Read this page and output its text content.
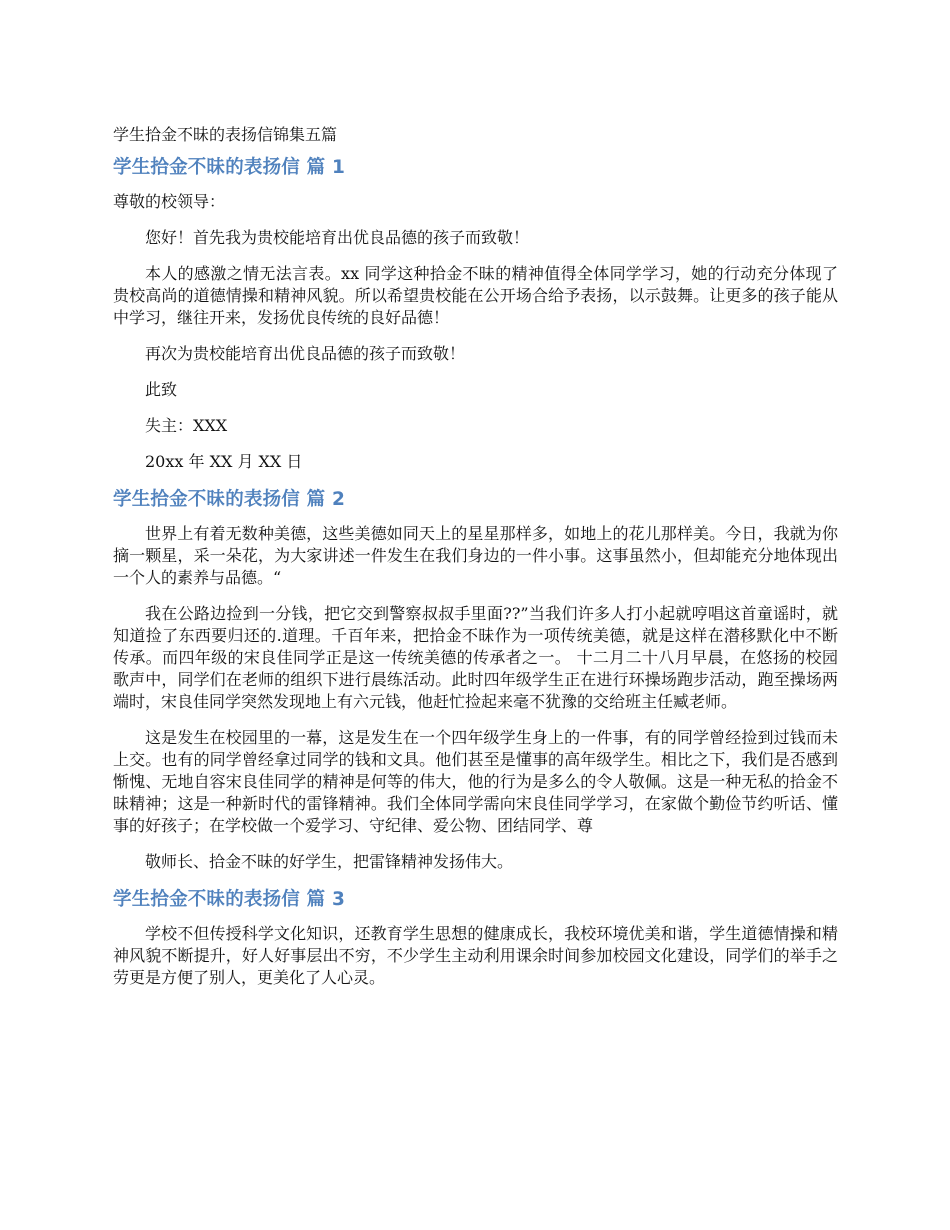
学生拾金不昧的表扬信锦集五篇
学生拾金不昧的表扬信 篇 1

尊敬的校领导：

您好！首先我为贵校能培育出优良品德的孩子而致敬！

本人的感激之情无法言表。xx 同学这种拾金不昧的精神值得全体同学学习，她的行动充分体现了贵校高尚的道德情操和精神风貌。所以希望贵校能在公开场合给予表扬，以示鼓舞。让更多的孩子能从中学习，继往开来，发扬优良传统的良好品德！

再次为贵校能培育出优良品德的孩子而致敬！

此致

失主：XXX

20xx 年 XX 月 XX 日

学生拾金不昧的表扬信 篇 2

世界上有着无数种美德，这些美德如同天上的星星那样多，如地上的花儿那样美。今日，我就为你摘一颗星，采一朵花，为大家讲述一件发生在我们身边的一件小事。这事虽然小，但却能充分地体现出一个人的素养与品德。“

我在公路边捡到一分钱，把它交到警察叔叔手里面??”当我们许多人打小起就哼唱这首童谣时，就知道捡了东西要归还的.道理。千百年来，把拾金不昧作为一项传统美德，就是这样在潜移默化中不断传承。而四年级的宋良佳同学正是这一传统美德的传承者之一。 十二月二十八月早晨，在悠扬的校园歌声中，同学们在老师的组织下进行晨练活动。此时四年级学生正在进行环操场跑步活动，跑至操场两端时，宋良佳同学突然发现地上有六元钱，他赶忙捡起来毫不犹豫的交给班主任臧老师。

这是发生在校园里的一幕，这是发生在一个四年级学生身上的一件事，有的同学曾经捡到过钱而未上交。也有的同学曾经拿过同学的钱和文具。他们甚至是懂事的高年级学生。相比之下，我们是否感到惭愧、无地自容宋良佳同学的精神是何等的伟大，他的行为是多么的令人敬佩。这是一种无私的拾金不昧精神；这是一种新时代的雷锋精神。我们全体同学需向宋良佳同学学习，在家做个勤俭节约听话、懂事的好孩子；在学校做一个爱学习、守纪律、爱公物、团结同学、尊

敬师长、拾金不昧的好学生，把雷锋精神发扬伟大。

学生拾金不昧的表扬信 篇 3

学校不但传授科学文化知识，还教育学生思想的健康成长，我校环境优美和谐，学生道德情操和精神风貌不断提升，好人好事层出不穷，不少学生主动利用课余时间参加校园文化建设，同学们的举手之劳更是方便了别人，更美化了人心灵。
